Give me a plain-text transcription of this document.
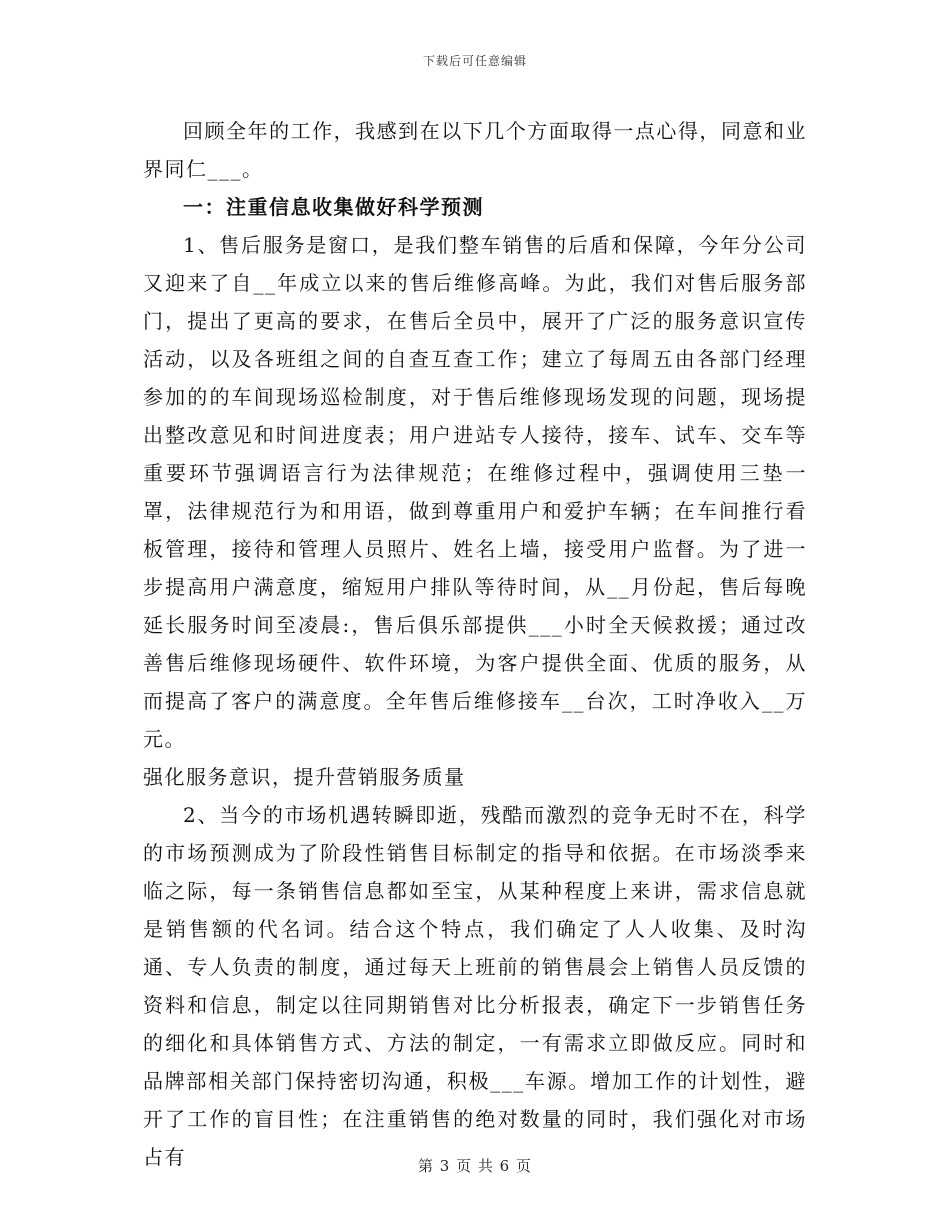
下载后可任意编辑

回顾全年的工作，我感到在以下几个方面取得一点心得，同意和业界同仁___。

一：注重信息收集做好科学预测

1、售后服务是窗口，是我们整车销售的后盾和保障，今年分公司又迎来了自__年成立以来的售后维修高峰。为此，我们对售后服务部门，提出了更高的要求，在售后全员中，展开了广泛的服务意识宣传活动，以及各班组之间的自查互查工作；建立了每周五由各部门经理参加的的车间现场巡检制度，对于售后维修现场发现的问题，现场提出整改意见和时间进度表；用户进站专人接待，接车、试车、交车等重要环节强调语言行为法律规范；在维修过程中，强调使用三垫一罩，法律规范行为和用语，做到尊重用户和爱护车辆；在车间推行看板管理，接待和管理人员照片、姓名上墙，接受用户监督。为了进一步提高用户满意度，缩短用户排队等待时间，从__月份起，售后每晚延长服务时间至凌晨:，售后俱乐部提供___小时全天候救援；通过改善售后维修现场硬件、软件环境，为客户提供全面、优质的服务，从而提高了客户的满意度。全年售后维修接车__台次，工时净收入__万元。

强化服务意识，提升营销服务质量

2、当今的市场机遇转瞬即逝，残酷而激烈的竞争无时不在，科学的市场预测成为了阶段性销售目标制定的指导和依据。在市场淡季来临之际，每一条销售信息都如至宝，从某种程度上来讲，需求信息就是销售额的代名词。结合这个特点，我们确定了人人收集、及时沟通、专人负责的制度，通过每天上班前的销售晨会上销售人员反馈的资料和信息，制定以往同期销售对比分析报表，确定下一步销售任务的细化和具体销售方式、方法的制定，一有需求立即做反应。同时和品牌部相关部门保持密切沟通，积极___车源。增加工作的计划性，避开了工作的盲目性；在注重销售的绝对数量的同时，我们强化对市场占有	第 3 页 共 6 页
